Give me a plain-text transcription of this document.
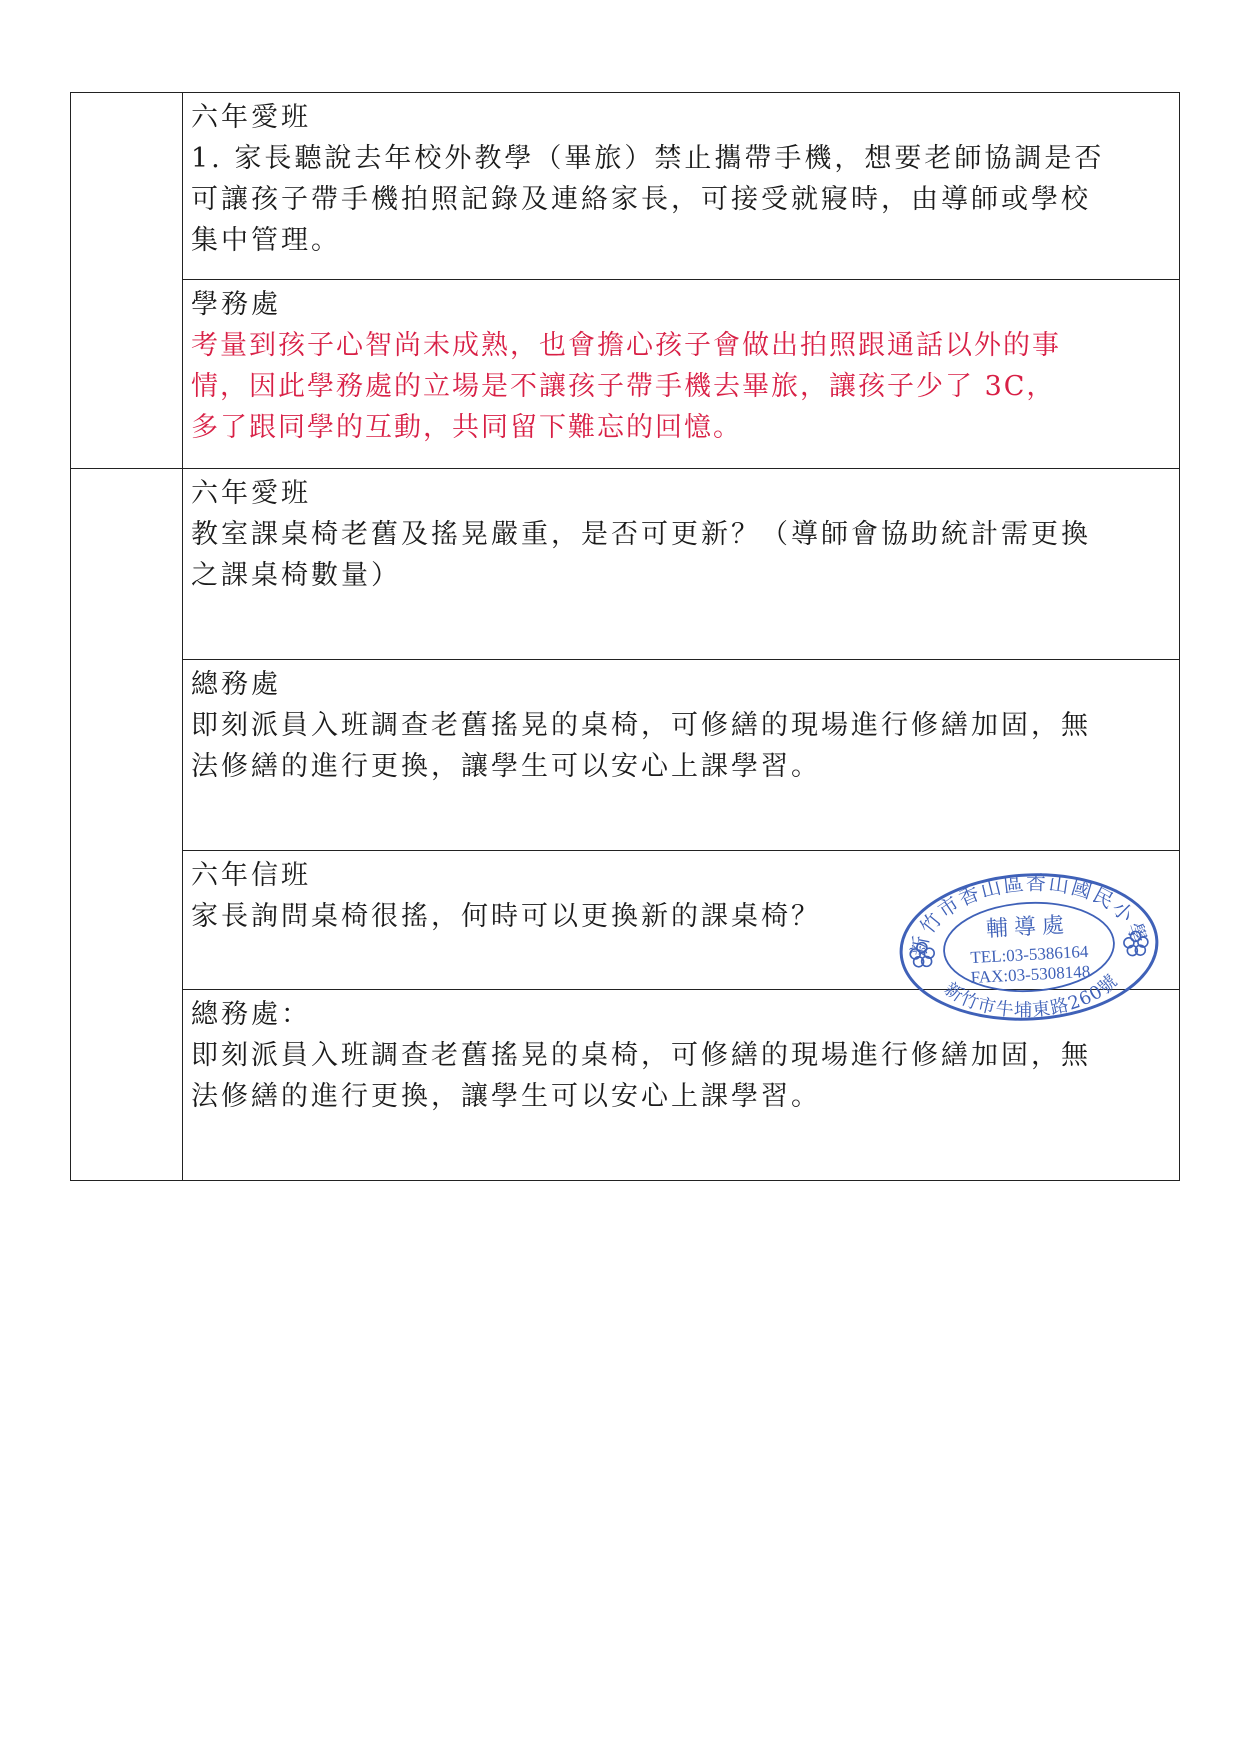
	六年愛班
1. 家長聽說去年校外教學（畢旅）禁止攜帶手機，想要老師協調是否
可讓孩子帶手機拍照記錄及連絡家長，可接受就寢時，由導師或學校
集中管理。

	學務處
考量到孩子心智尚未成熟，也會擔心孩子會做出拍照跟通話以外的事
情，因此學務處的立場是不讓孩子帶手機去畢旅，讓孩子少了 3C，
多了跟同學的互動，共同留下難忘的回憶。

	六年愛班
教室課桌椅老舊及搖晃嚴重，是否可更新？（導師會協助統計需更換
之課桌椅數量）

	總務處
即刻派員入班調查老舊搖晃的桌椅，可修繕的現場進行修繕加固，無
法修繕的進行更換，讓學生可以安心上課學習。

	六年信班
家長詢問桌椅很搖，何時可以更換新的課桌椅？

	總務處：
即刻派員入班調查老舊搖晃的桌椅，可修繕的現場進行修繕加固，無
法修繕的進行更換，讓學生可以安心上課學習。
新竹市香山區香山國民小學
新竹市牛埔東路260號
輔導處
TEL:03-5386164
FAX:03-5308148
